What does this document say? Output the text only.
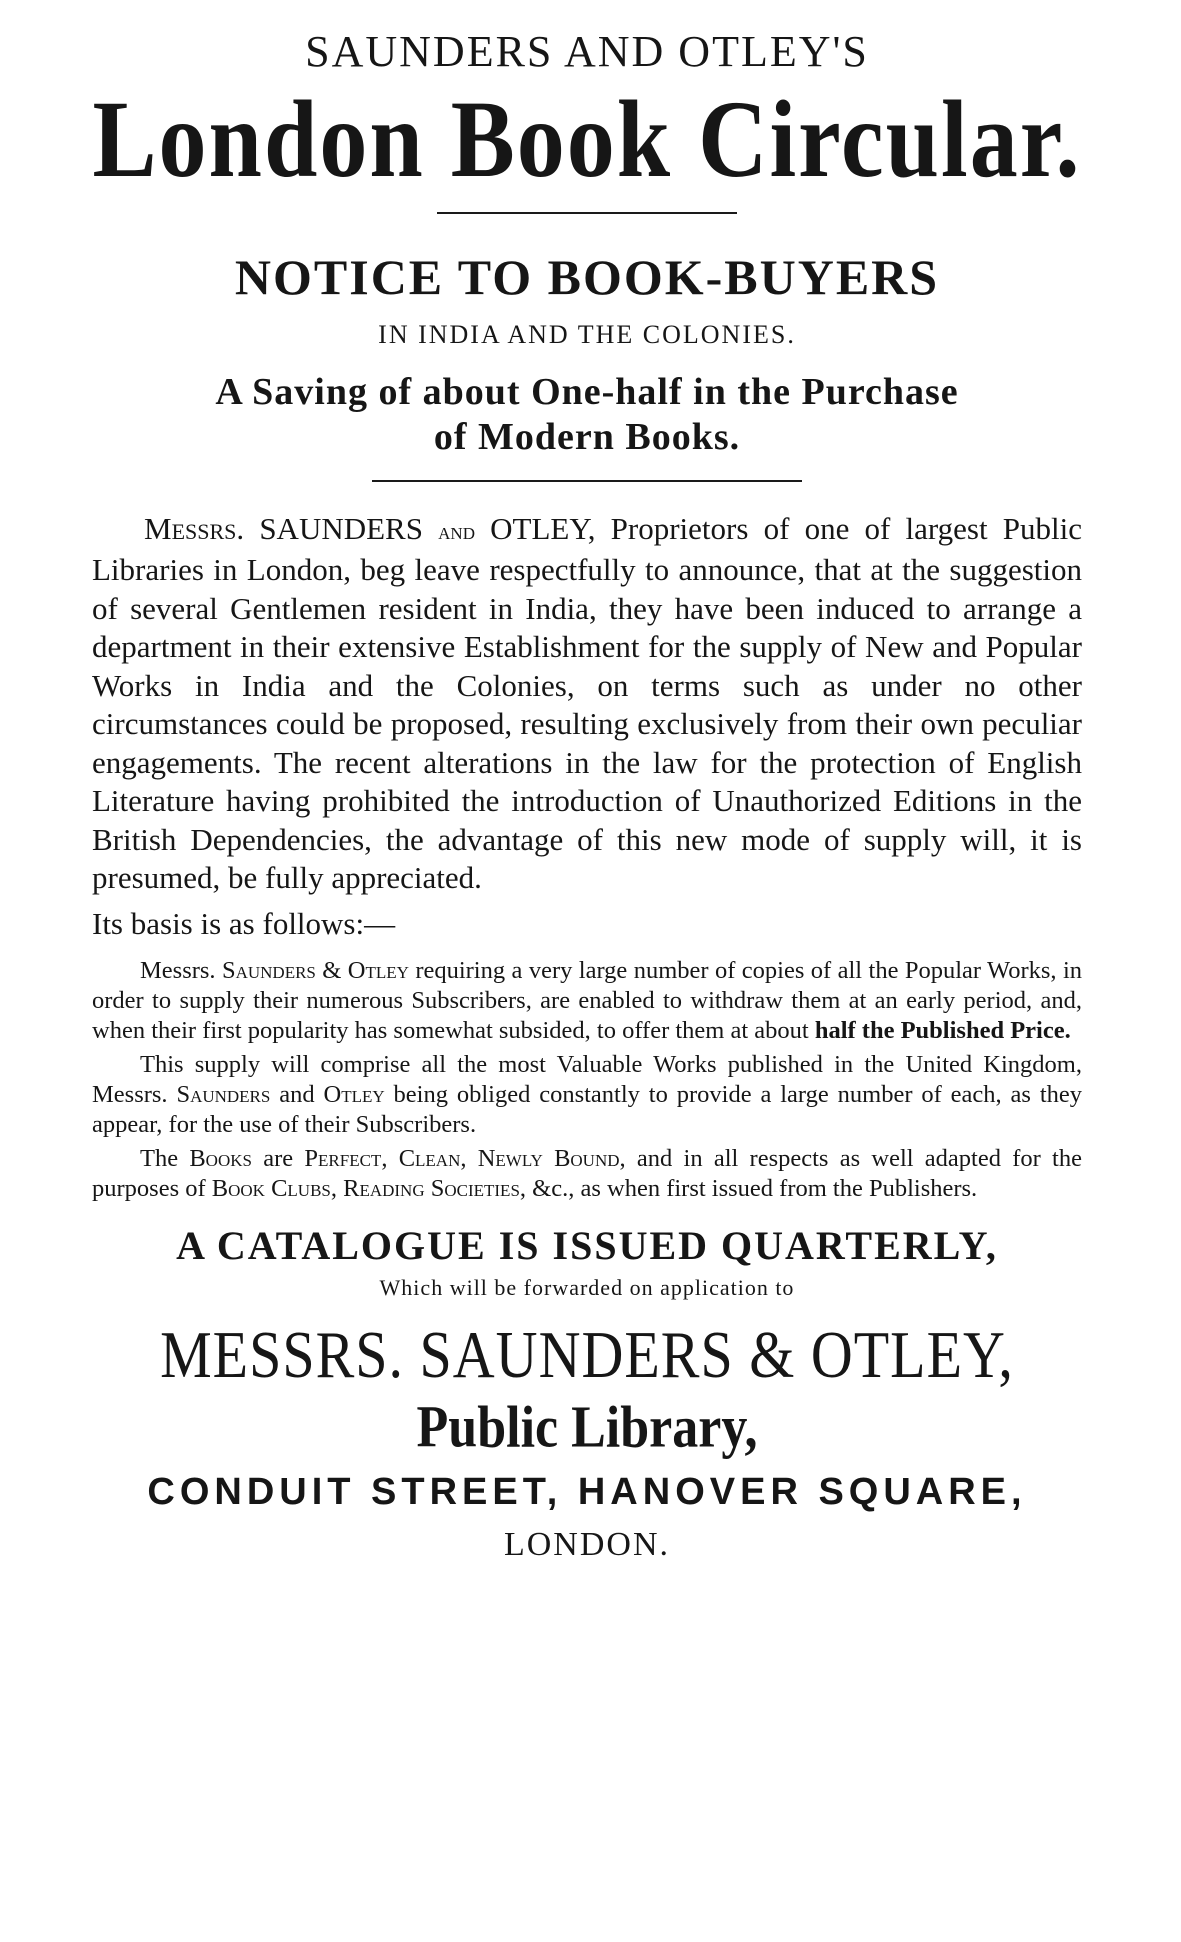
SAUNDERS AND OTLEY'S
London Book Circular.
NOTICE TO BOOK-BUYERS
IN INDIA AND THE COLONIES.
A Saving of about One-half in the Purchase
of Modern Books.

Messrs. SAUNDERS and OTLEY, Proprietors of one of largest Public Libraries in London, beg leave respectfully to announce, that at the suggestion of several Gentlemen resident in India, they have been induced to arrange a department in their extensive Establishment for the supply of New and Popular Works in India and the Colonies, on terms such as under no other circumstances could be proposed, resulting exclusively from their own peculiar engagements. The recent alterations in the law for the protection of English Literature having prohibited the introduction of Unauthorized Editions in the British Dependencies, the advantage of this new mode of supply will, it is presumed, be fully appreciated.

Its basis is as follows:—

Messrs. Saunders & Otley requiring a very large number of copies of all the Popular Works, in order to supply their numerous Subscribers, are enabled to withdraw them at an early period, and, when their first popularity has somewhat subsided, to offer them at about half the Published Price.

This supply will comprise all the most Valuable Works published in the United Kingdom, Messrs. Saunders and Otley being obliged constantly to provide a large number of each, as they appear, for the use of their Subscribers.

The Books are Perfect, Clean, Newly Bound, and in all respects as well adapted for the purposes of Book Clubs, Reading Societies, &c., as when first issued from the Publishers.

A CATALOGUE IS ISSUED QUARTERLY,
Which will be forwarded on application to
MESSRS. SAUNDERS & OTLEY,
Public Library,
CONDUIT STREET, HANOVER SQUARE,
LONDON.
